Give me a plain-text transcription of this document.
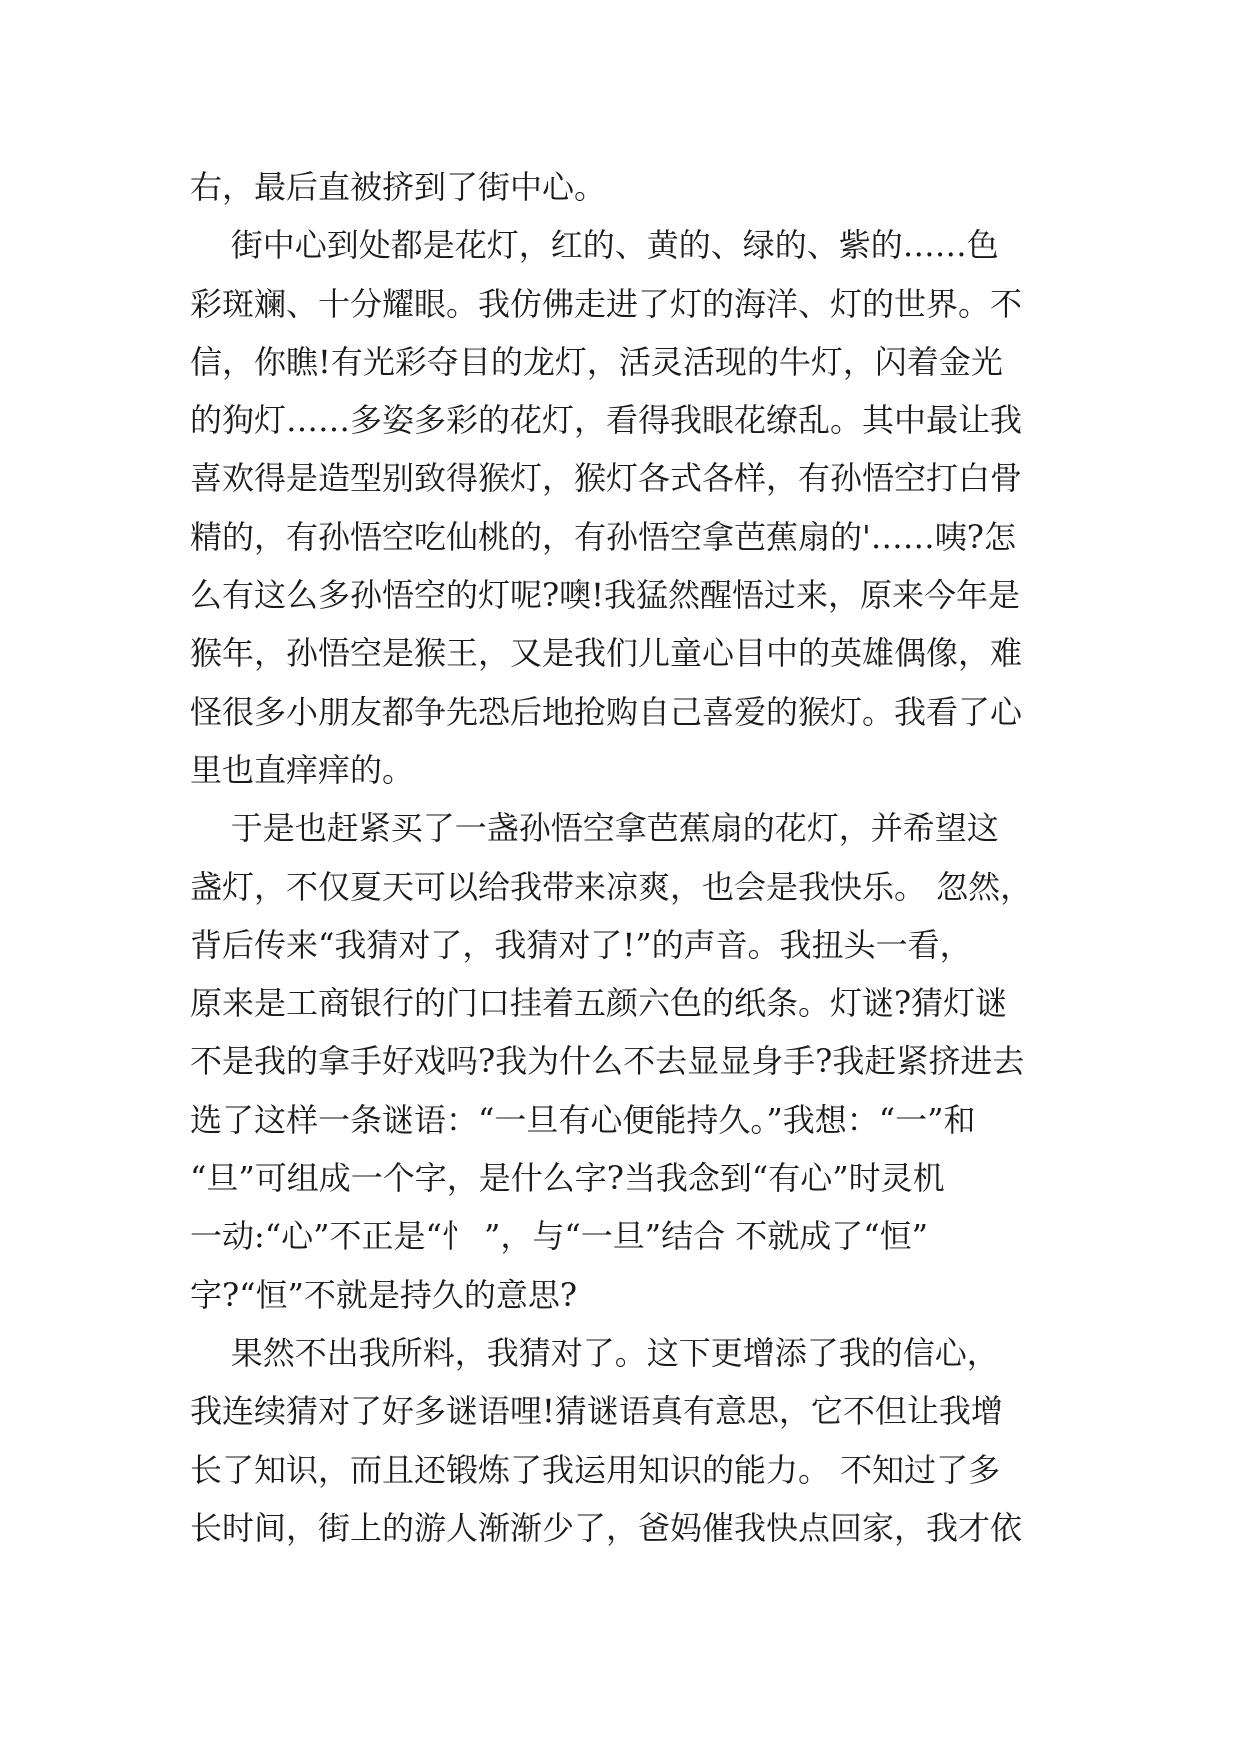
右，最后直被挤到了街中心。
街中心到处都是花灯，红的、黄的、绿的、紫的……色
彩斑斓、十分耀眼。我仿佛走进了灯的海洋、灯的世界。不
信，你瞧!有光彩夺目的龙灯，活灵活现的牛灯，闪着金光
的狗灯……多姿多彩的花灯，看得我眼花缭乱。其中最让我
喜欢得是造型别致得猴灯，猴灯各式各样，有孙悟空打白骨
精的，有孙悟空吃仙桃的，有孙悟空拿芭蕉扇的'……咦?怎
么有这么多孙悟空的灯呢?噢!我猛然醒悟过来，原来今年是
猴年，孙悟空是猴王，又是我们儿童心目中的英雄偶像，难
怪很多小朋友都争先恐后地抢购自己喜爱的猴灯。我看了心
里也直痒痒的。
于是也赶紧买了一盏孙悟空拿芭蕉扇的花灯，并希望这
盏灯，不仅夏天可以给我带来凉爽，也会是我快乐。 忽然，
背后传来“我猜对了，我猜对了!”的声音。我扭头一看，
原来是工商银行的门口挂着五颜六色的纸条。灯谜?猜灯谜
不是我的拿手好戏吗?我为什么不去显显身手?我赶紧挤进去
选了这样一条谜语：“一旦有心便能持久。”我想：“一”和
“旦”可组成一个字，是什么字?当我念到“有心”时灵机
一动:“心”不正是“忄 ”，与“一旦”结合 不就成了“恒”
字?“恒”不就是持久的意思?
果然不出我所料，我猜对了。这下更增添了我的信心，
我连续猜对了好多谜语哩!猜谜语真有意思，它不但让我增
长了知识，而且还锻炼了我运用知识的能力。 不知过了多
长时间，街上的游人渐渐少了，爸妈催我快点回家，我才依
